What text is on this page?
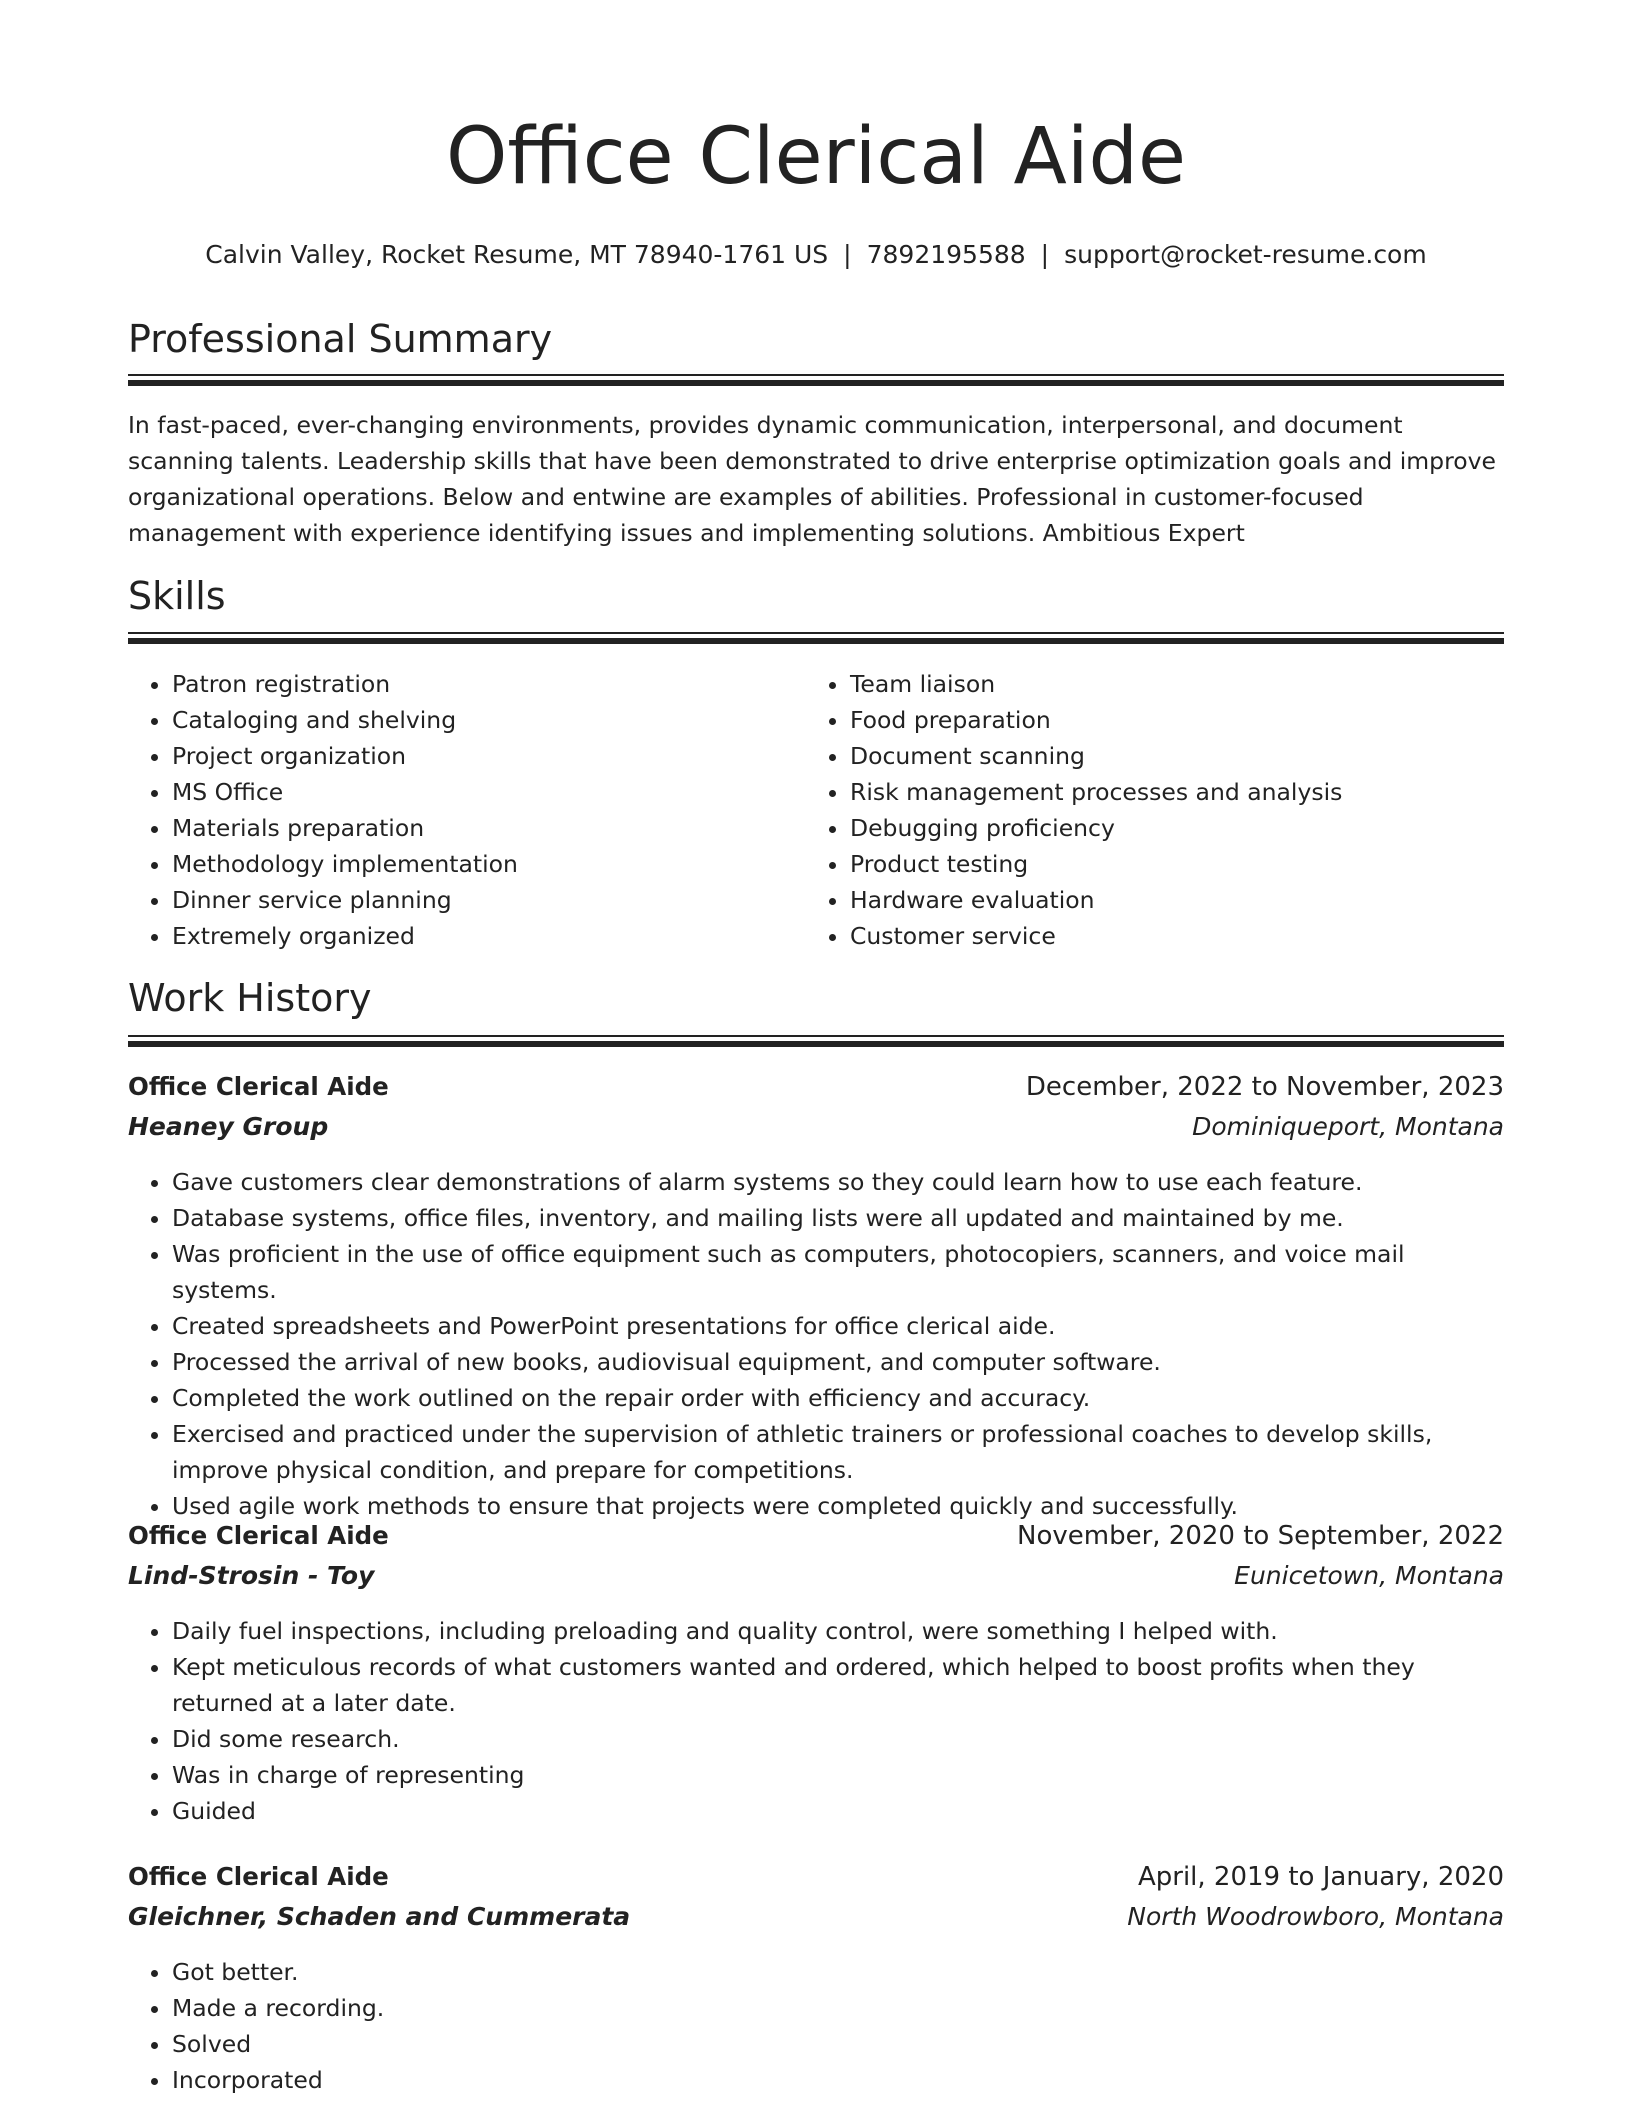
Office Clerical Aide
Calvin Valley, Rocket Resume, MT 78940-1761 US | 7892195588 | support@rocket-resume.com
Professional Summary

In fast-paced, ever-changing environments, provides dynamic communication, interpersonal, and document scanning talents. Leadership skills that have been demonstrated to drive enterprise optimization goals and improve organizational operations. Below and entwine are examples of abilities. Professional in customer-focused management with experience identifying issues and implementing solutions. Ambitious Expert

Skills
• Patron registration
• Cataloging and shelving
• Project organization
• MS Office
• Materials preparation
• Methodology implementation
• Dinner service planning
• Extremely organized
• Team liaison
• Food preparation
• Document scanning
• Risk management processes and analysis
• Debugging proficiency
• Product testing
• Hardware evaluation
• Customer service
Work History
Office Clerical Aide	December, 2022 to November, 2023
Heaney Group	Dominiqueport, Montana
• Gave customers clear demonstrations of alarm systems so they could learn how to use each feature.
• Database systems, office files, inventory, and mailing lists were all updated and maintained by me.
• Was proficient in the use of office equipment such as computers, photocopiers, scanners, and voice mail systems.
• Created spreadsheets and PowerPoint presentations for office clerical aide.
• Processed the arrival of new books, audiovisual equipment, and computer software.
• Completed the work outlined on the repair order with efficiency and accuracy.
• Exercised and practiced under the supervision of athletic trainers or professional coaches to develop skills, improve physical condition, and prepare for competitions.
• Used agile work methods to ensure that projects were completed quickly and successfully.
Office Clerical Aide	November, 2020 to September, 2022
Lind-Strosin - Toy	Eunicetown, Montana
• Daily fuel inspections, including preloading and quality control, were something I helped with.
• Kept meticulous records of what customers wanted and ordered, which helped to boost profits when they returned at a later date.
• Did some research.
• Was in charge of representing
• Guided
Office Clerical Aide	April, 2019 to January, 2020
Gleichner, Schaden and Cummerata	North Woodrowboro, Montana
• Got better.
• Made a recording.
• Solved
• Incorporated
